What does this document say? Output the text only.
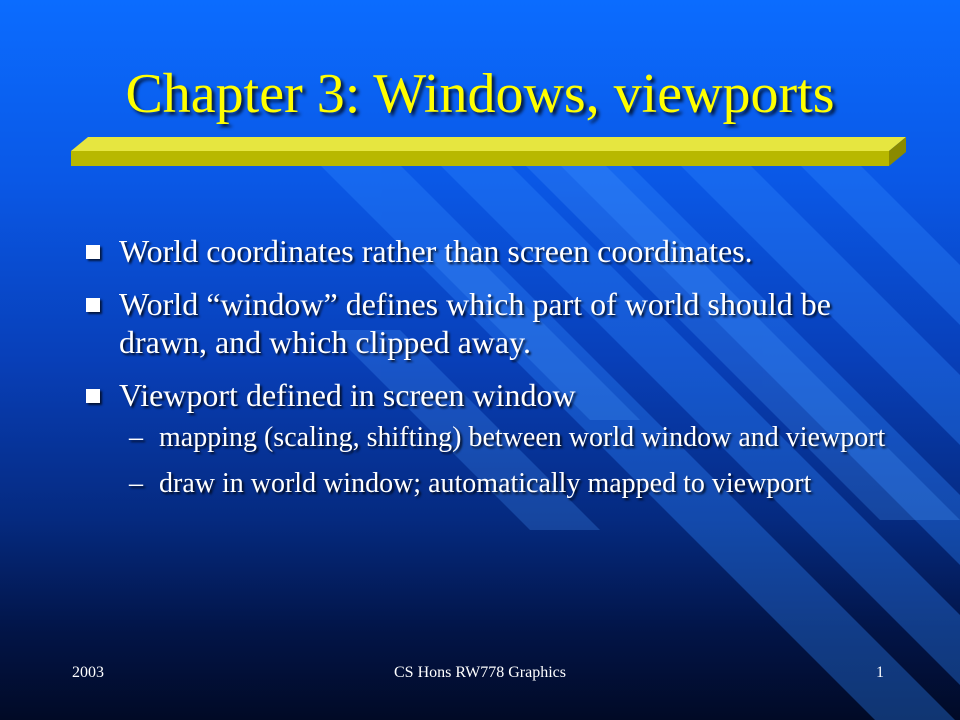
Chapter 3: Windows, viewports
World coordinates rather than screen coordinates.
World “window” defines which part of world should be drawn, and which clipped away.
Viewport defined in screen window
– mapping (scaling, shifting) between world window and viewport
– draw in world window; automatically mapped to viewport
2003	CS Hons RW778 Graphics	1
